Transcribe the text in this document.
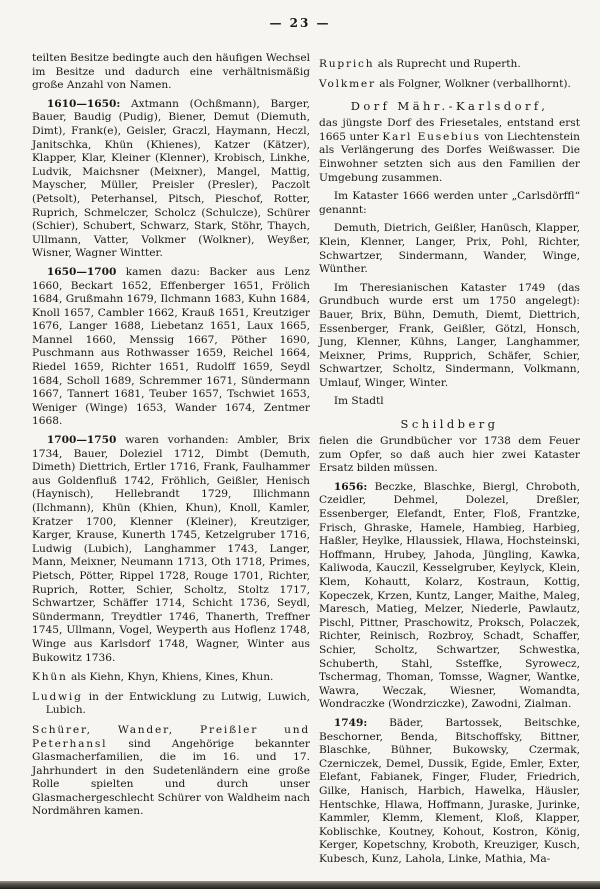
— 23 —

teilten Besitze bedingte auch den häufigen Wechsel im Besitze und dadurch eine verhältnismäßig große Anzahl von Namen.

1610—1650: Axtmann (Ochßmann), Barger, Bauer, Baudig (Pudig), Biener, Demut (Diemuth, Dimt), Frank(e), Geisler, Graczl, Haymann, Heczl, Janitschka, Khün (Khienes), Katzer (Kätzer), Klapper, Klar, Kleiner (Klenner), Krobisch, Linkhe, Ludvik, Maichsner (Meixner), Mangel, Mattig, Mayscher, Müller, Preisler (Presler), Paczolt (Petsolt), Peterhansel, Pitsch, Pieschof, Rotter, Ruprich, Schmelczer, Scholcz (Schulcze), Schürer (Schier), Schubert, Schwarz, Stark, Stöhr, Thaych, Ullmann, Vatter, Volkmer (Wolkner), Weyßer, Wisner, Wagner Wintter.

1650—1700 kamen dazu: Backer aus Lenz 1660, Beckart 1652, Effenberger 1651, Frölich 1684, Grußmahn 1679, Ilchmann 1683, Kuhn 1684, Knoll 1657, Cambler 1662, Krauß 1651, Kreutziger 1676, Langer 1688, Liebetanz 1651, Laux 1665, Mannel 1660, Menssig 1667, Pöther 1690, Puschmann aus Rothwasser 1659, Reichel 1664, Riedel 1659, Richter 1651, Rudolff 1659, Seydl 1684, Scholl 1689, Schremmer 1671, Sündermann 1667, Tannert 1681, Teuber 1657, Tschwiet 1653, Weniger (Winge) 1653, Wander 1674, Zentmer 1668.

1700—1750 waren vorhanden: Ambler, Brix 1734, Bauer, Doleziel 1712, Dimbt (Demuth, Dimeth) Diettrich, Ertler 1716, Frank, Faulhammer aus Goldenfluß 1742, Fröhlich, Geißler, Henisch (Haynisch), Hellebrandt 1729, Illichmann (Ilchmann), Khün (Khien, Khun), Knoll, Kamler, Kratzer 1700, Klenner (Kleiner), Kreutziger, Karger, Krause, Kunerth 1745, Ketzelgruber 1716, Ludwig (Lubich), Langhammer 1743, Langer, Mann, Meixner, Neumann 1713, Oth 1718, Primes, Pietsch, Pötter, Rippel 1728, Rouge 1701, Richter, Ruprich, Rotter, Schier, Scholtz, Stoltz 1717, Schwartzer, Schäffer 1714, Schicht 1736, Seydl, Sündermann, Treydtler 1746, Thanerth, Treffner 1745, Ullmann, Vogel, Weyperth aus Hoflenz 1748, Winge aus Karlsdorf 1748, Wagner, Winter aus Bukowitz 1736.

Khün als Kiehn, Khyn, Khiens, Kines, Khun.

Ludwig in der Entwicklung zu Lutwig, Luwich, Lubich.

Schürer, Wander, Preißler und Peterhansl sind Angehörige bekannter Glasmacherfamilien, die im 16. und 17. Jahrhundert in den Sudetenländern eine große Rolle spielten und durch unser Glasmachergeschlecht Schürer von Waldheim nach Nordmähren kamen.

Ruprich als Ruprecht und Ruperth.

Volkmer als Folgner, Wolkner (verballhornt).

Dorf Mähr.-Karlsdorf,

das jüngste Dorf des Friesetales, entstand erst 1665 unter Karl Eusebius von Liechtenstein als Verlängerung des Dorfes Weißwasser. Die Einwohner setzten sich aus den Familien der Umgebung zusammen.

Im Kataster 1666 werden unter „Carlsdörffl“ genannt:

Demuth, Dietrich, Geißler, Hanüsch, Klapper, Klein, Klenner, Langer, Prix, Pohl, Richter, Schwartzer, Sindermann, Wander, Winge, Wünther.

Im Theresianischen Kataster 1749 (das Grundbuch wurde erst um 1750 angelegt): Bauer, Brix, Bühn, Demuth, Diemt, Diettrich, Essenberger, Frank, Geißler, Götzl, Honsch, Jung, Klenner, Kühns, Langer, Langhammer, Meixner, Prims, Rupprich, Schäfer, Schier, Schwartzer, Scholtz, Sindermann, Volkmann, Umlauf, Winger, Winter.

Im Stadtl

Schildberg

fielen die Grundbücher vor 1738 dem Feuer zum Opfer, so daß auch hier zwei Kataster Ersatz bilden müssen.

1656: Beczke, Blaschke, Biergl, Chroboth, Czeidler, Dehmel, Dolezel, Dreßler, Essenberger, Elefandt, Enter, Floß, Frantzke, Frisch, Ghraske, Hamele, Hambieg, Harbieg, Haßler, Heylke, Hlaussiek, Hlawa, Hochsteinski, Hoffmann, Hrubey, Jahoda, Jüngling, Kawka, Kaliwoda, Kauczil, Kesselgruber, Keylyck, Klein, Klem, Kohautt, Kolarz, Kostraun, Kottig, Kopeczek, Krzen, Kuntz, Langer, Maithe, Maleg, Maresch, Matieg, Melzer, Niederle, Pawlautz, Pischl, Pittner, Praschowitz, Proksch, Polaczek, Richter, Reinisch, Rozbroy, Schadt, Schaffer, Schier, Scholtz, Schwartzer, Schwestka, Schuberth, Stahl, Ssteffke, Syrowecz, Tschermag, Thoman, Tomsse, Wagner, Wantke, Wawra, Weczak, Wiesner, Womandta, Wondraczke (Wondrziczke), Zawodni, Zialman.

1749: Bäder, Bartossek, Beitschke, Beschorner, Benda, Bitschoffsky, Bittner, Blaschke, Bühner, Bukowsky, Czermak, Czerniczek, Demel, Dussik, Egide, Emler, Exter, Elefant, Fabianek, Finger, Fluder, Friedrich, Gilke, Hanisch, Harbich, Hawelka, Häusler, Hentschke, Hlawa, Hoffmann, Juraske, Jurinke, Kammler, Klemm, Klement, Kloß, Klapper, Koblischke, Koutney, Kohout, Kostron, König, Kerger, Kopetschny, Kroboth, Kreuziger, Kusch, Kubesch, Kunz, Lahola, Linke, Mathia, Ma-
